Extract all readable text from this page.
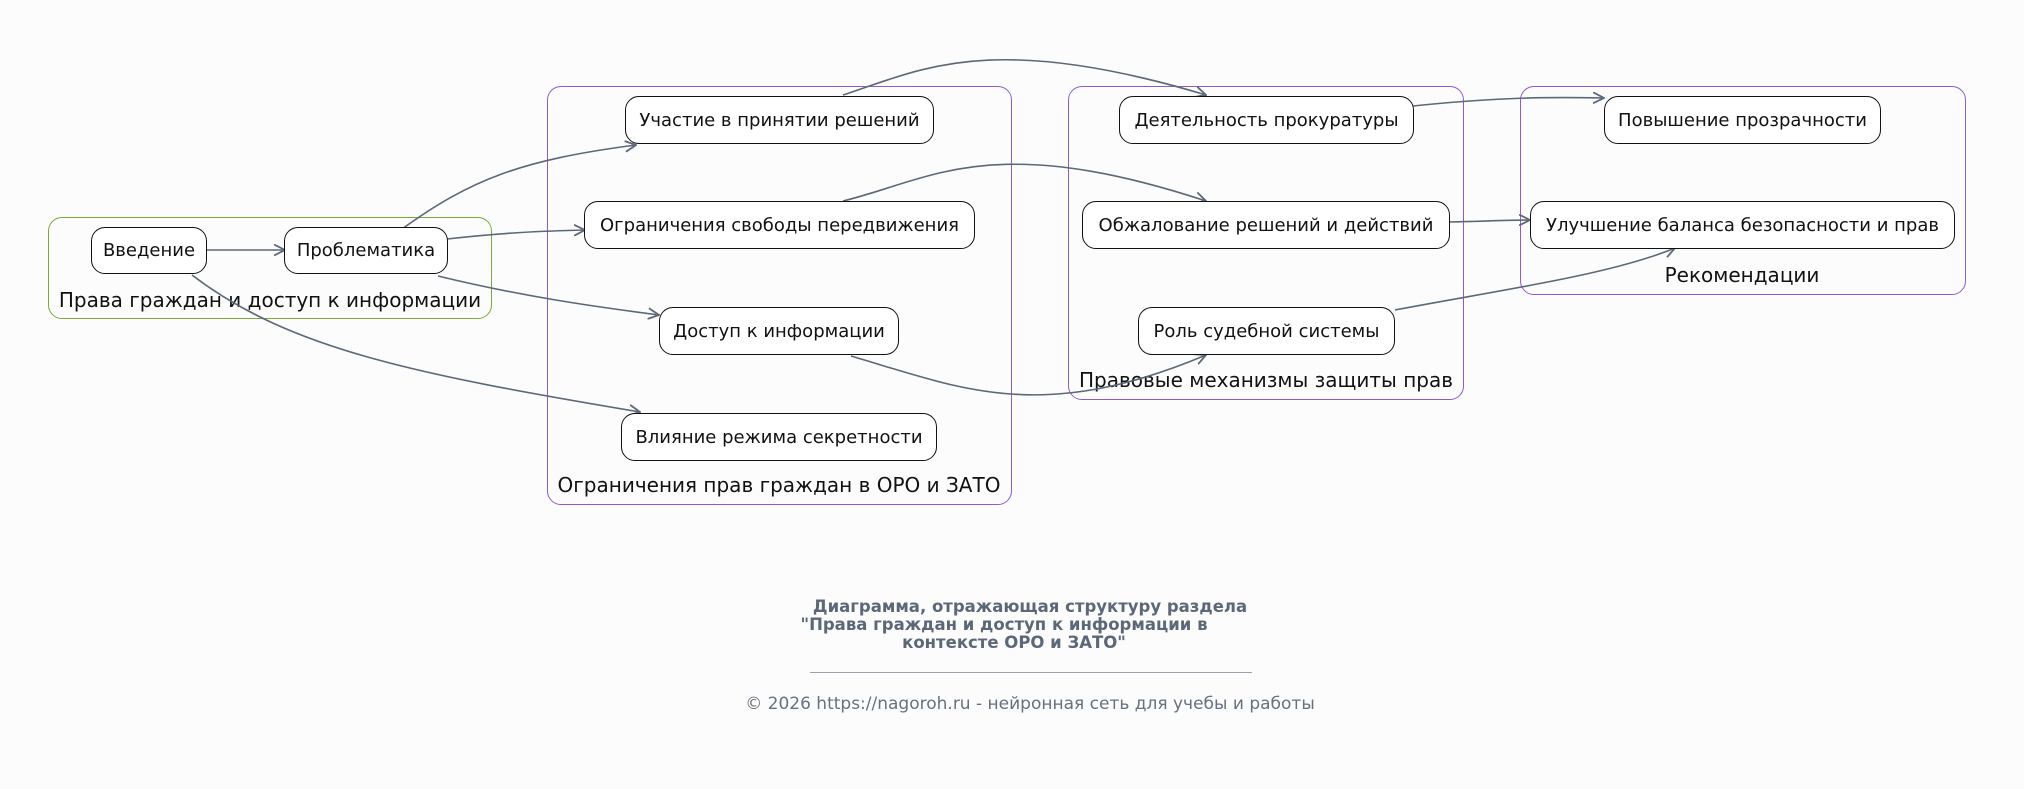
Права граждан и доступ к информации
Ограничения прав граждан в ОРО и ЗАТО
Правовые механизмы защиты прав
Рекомендации
Введение	Проблематика
Участие в принятии решений
Ограничения свободы передвижения
Доступ к информации
Влияние режима секретности
Деятельность прокуратуры
Обжалование решений и действий
Роль судебной системы
Повышение прозрачности
Улучшение баланса безопасности и прав
Диаграмма, отражающая структуру раздела
"Права граждан и доступ к информации в
контексте ОРО и ЗАТО"
© 2026 https://nagoroh.ru - нейронная сеть для учебы и работы
